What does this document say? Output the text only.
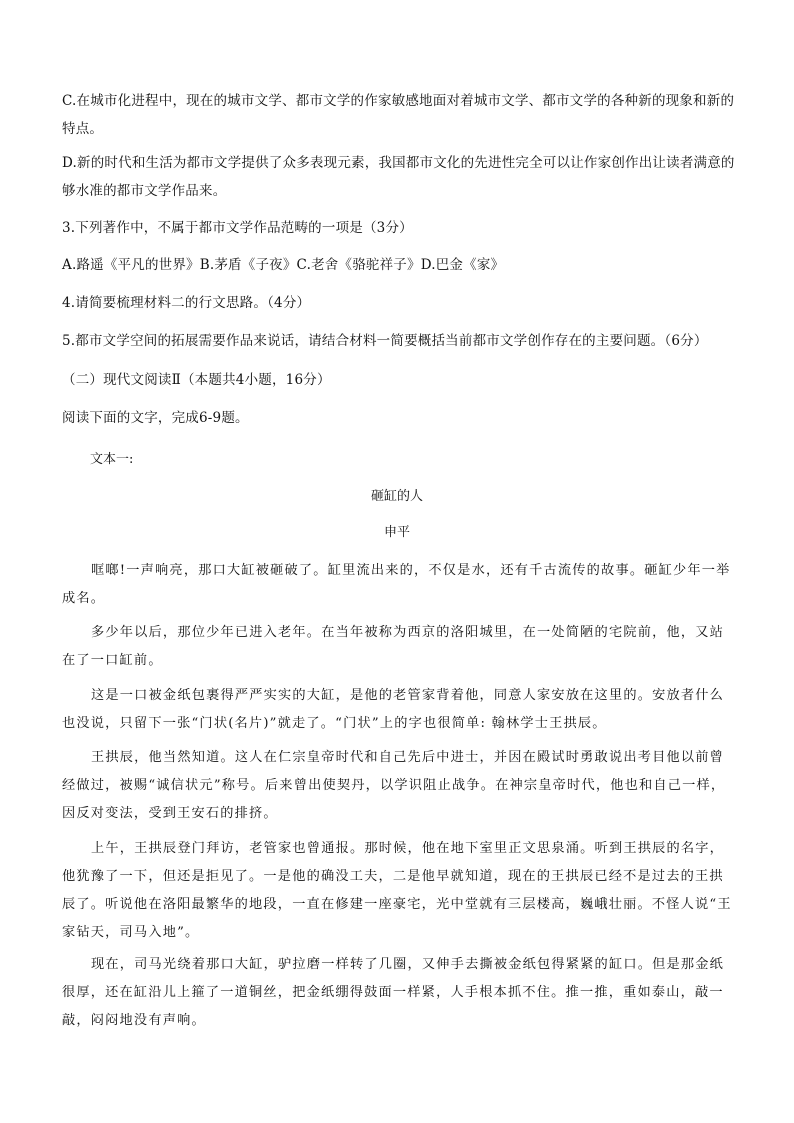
C.在城市化进程中，现在的城市文学、都市文学的作家敏感地面对着城市文学、都市文学的各种新的现象和新的特点。

D.新的时代和生活为都市文学提供了众多表现元素，我国都市文化的先进性完全可以让作家创作出让读者满意的够水准的都市文学作品来。

3.下列著作中，不属于都市文学作品范畴的一项是（3分）

A.路遥《平凡的世界》B.茅盾《子夜》C.老舍《骆驼祥子》D.巴金《家》

4.请简要梳理材料二的行文思路。（4分）

5.都市文学空间的拓展需要作品来说话，请结合材料一简要概括当前都市文学创作存在的主要问题。（6分）

（二）现代文阅读Ⅱ（本题共4小题，16分）

阅读下面的文字，完成6-9题。

文本一:

砸缸的人

申平

哐啷!一声响亮，那口大缸被砸破了。缸里流出来的，不仅是水，还有千古流传的故事。砸缸少年一举成名。

多少年以后，那位少年已进入老年。在当年被称为西京的洛阳城里，在一处简陋的宅院前，他，又站在了一口缸前。

这是一口被金纸包裹得严严实实的大缸，是他的老管家背着他，同意人家安放在这里的。安放者什么也没说，只留下一张“门状(名片)”就走了。“门状”上的字也很简单: 翰林学士王拱辰。

王拱辰，他当然知道。这人在仁宗皇帝时代和自己先后中进士，并因在殿试时勇敢说出考目他以前曾经做过，被赐“诚信状元”称号。后来曾出使契丹，以学识阻止战争。在神宗皇帝时代，他也和自己一样，因反对变法，受到王安石的排挤。

上午，王拱辰登门拜访，老管家也曾通报。那时候，他在地下室里正文思泉涌。听到王拱辰的名字，他犹豫了一下，但还是拒见了。一是他的确没工夫，二是他早就知道，现在的王拱辰已经不是过去的王拱辰了。听说他在洛阳最繁华的地段，一直在修建一座豪宅，光中堂就有三层楼高，巍峨壮丽。不怪人说“王家钻天，司马入地”。

现在，司马光绕着那口大缸，驴拉磨一样转了几圈，又伸手去撕被金纸包得紧紧的缸口。但是那金纸很厚，还在缸沿儿上箍了一道铜丝，把金纸绷得鼓面一样紧，人手根本抓不住。推一推，重如泰山，敲一敲，闷闷地没有声响。
